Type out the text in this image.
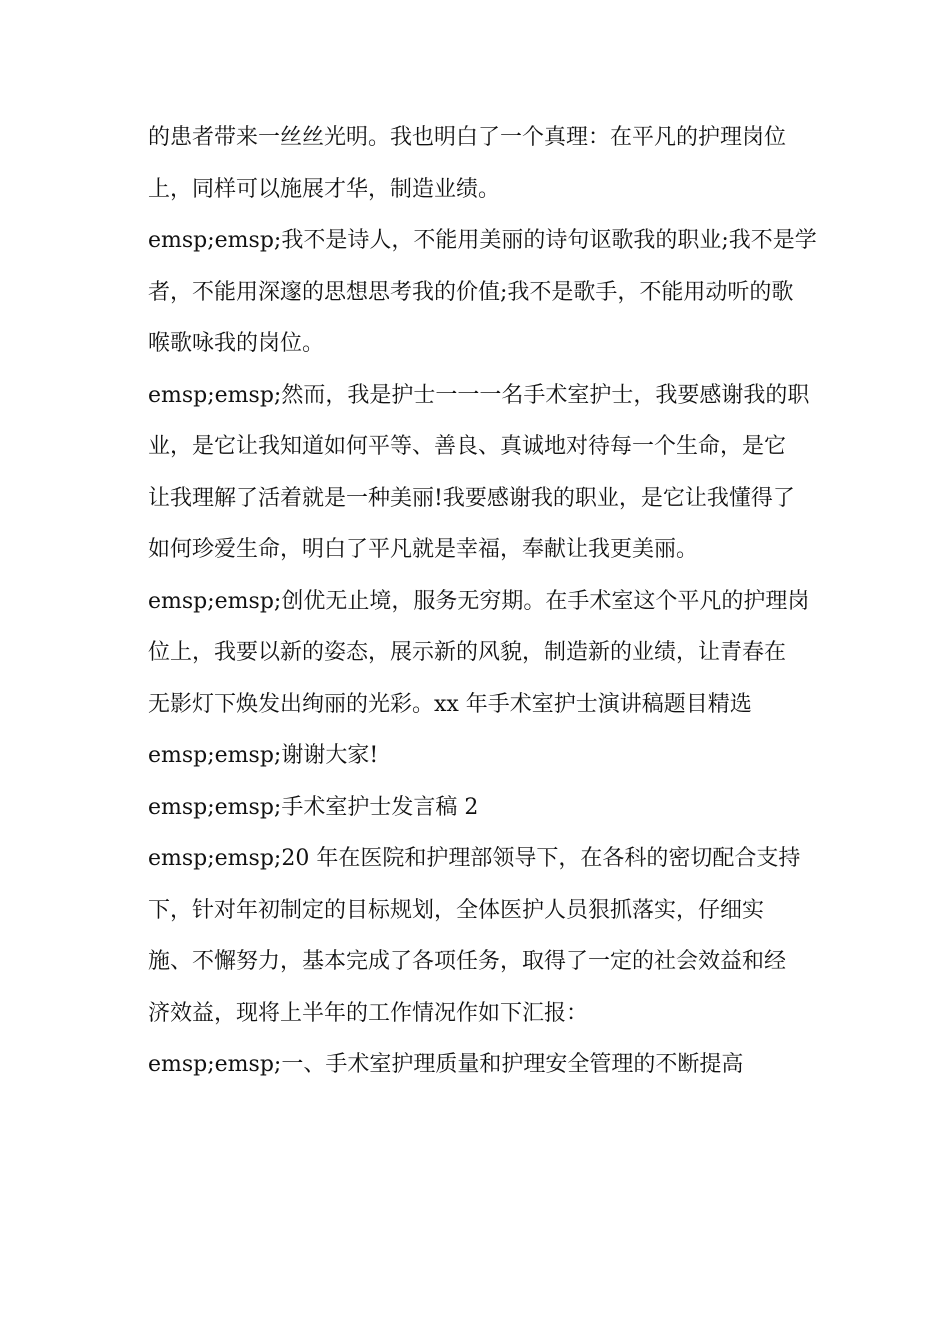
的患者带来一丝丝光明。我也明白了一个真理：在平凡的护理岗位
上，同样可以施展才华，制造业绩。
emsp;emsp;我不是诗人，不能用美丽的诗句讴歌我的职业;我不是学
者，不能用深邃的思想思考我的价值;我不是歌手，不能用动听的歌
喉歌咏我的岗位。
emsp;emsp;然而，我是护士一一一名手术室护士，我要感谢我的职
业，是它让我知道如何平等、善良、真诚地对待每一个生命，是它
让我理解了活着就是一种美丽!我要感谢我的职业，是它让我懂得了
如何珍爱生命，明白了平凡就是幸福，奉献让我更美丽。
emsp;emsp;创优无止境，服务无穷期。在手术室这个平凡的护理岗
位上，我要以新的姿态，展示新的风貌，制造新的业绩，让青春在
无影灯下焕发出绚丽的光彩。xx 年手术室护士演讲稿题目精选
emsp;emsp;谢谢大家!
emsp;emsp;手术室护士发言稿 2
emsp;emsp;20 年在医院和护理部领导下，在各科的密切配合支持
下，针对年初制定的目标规划，全体医护人员狠抓落实，仔细实
施、不懈努力，基本完成了各项任务，取得了一定的社会效益和经
济效益，现将上半年的工作情况作如下汇报：
emsp;emsp;一、手术室护理质量和护理安全管理的不断提高
